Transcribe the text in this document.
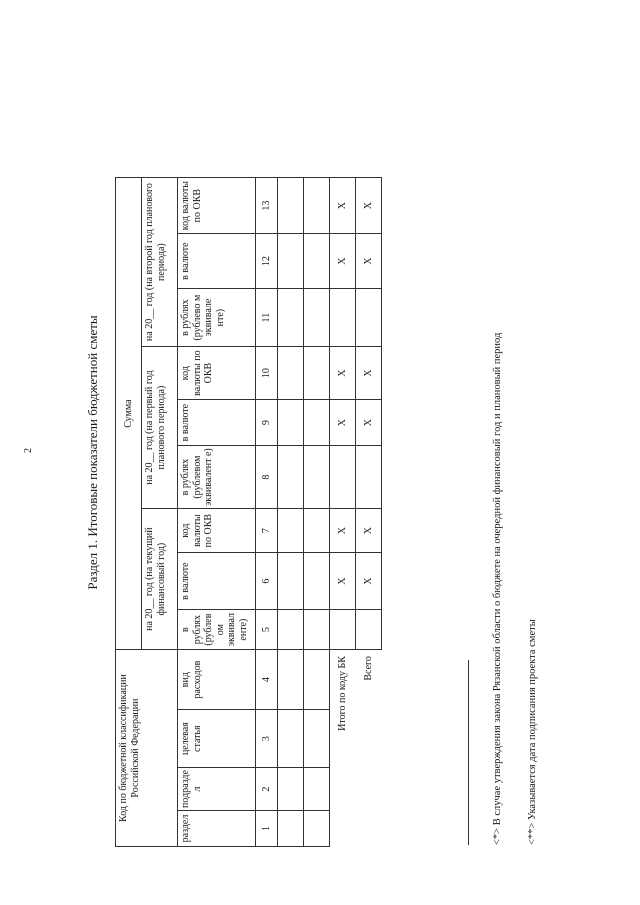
2	Раздел 1. Итоговые показатели бюджетной сметы
Код по бюджетной классификации Российской Федерации				Сумма								
				на 20__ год (на текущий финансовый год)			на 20__ год (на первый год планового периода)			на 20__ год (на второй год планового периода)		
раздел	подразде л	целевая статья	вид расходов	в рублях (рублев ом эквивал енте)	в валюте	код валюты по ОКВ	в рублях (рублевом эквивалент е)	в валюте	код валюты по ОКВ	в рублях (рублево м эквивале нте)	в валюте	код валюты по ОКВ
1	2	3	4	5	6	7	8	9	10	11	12	13

Итого по коду БК					X	X		X	X		X	X
Всего					X	X		X	X		X	X
<*> В случае утверждения закона Рязанской области о бюджете на очередной финансовый год и плановый период <**> Указывается дата подписания проекта сметы
